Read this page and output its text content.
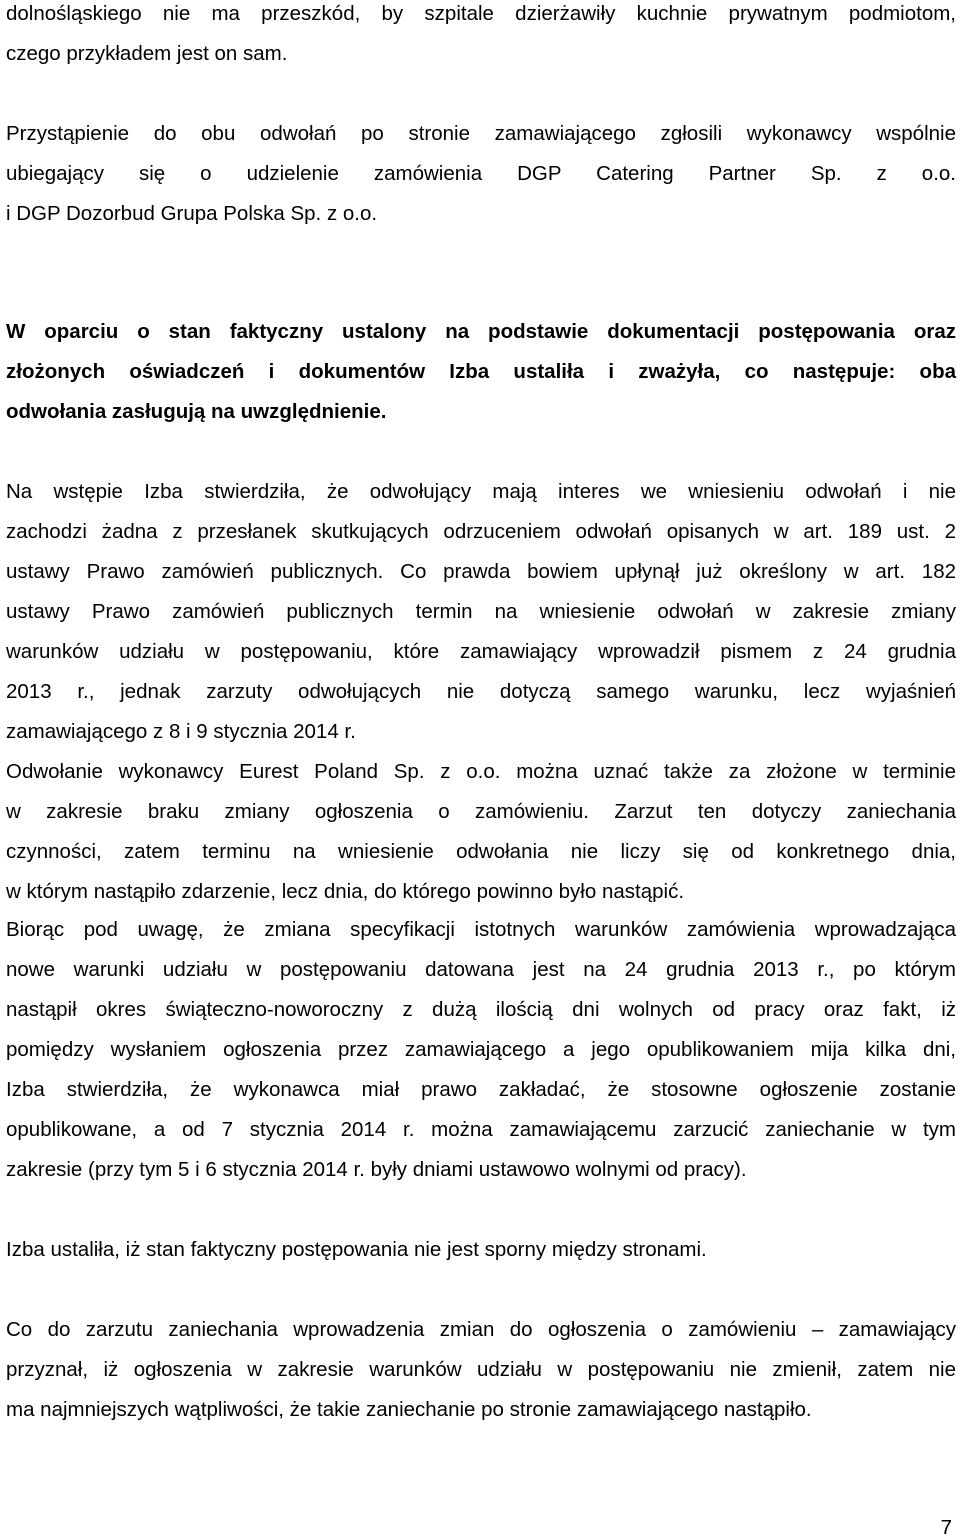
dolnośląskiego nie ma przeszkód, by szpitale dzierżawiły kuchnie prywatnym podmiotom,
czego przykładem jest on sam.
Przystąpienie do obu odwołań po stronie zamawiającego zgłosili wykonawcy wspólnie
ubiegający się o udzielenie zamówienia DGP Catering Partner Sp. z o.o.
i DGP Dozorbud Grupa Polska Sp. z o.o.
W oparciu o stan faktyczny ustalony na podstawie dokumentacji postępowania oraz
złożonych oświadczeń i dokumentów Izba ustaliła i zważyła, co następuje: oba
odwołania zasługują na uwzględnienie.
Na wstępie Izba stwierdziła, że odwołujący mają interes we wniesieniu odwołań i nie
zachodzi żadna z przesłanek skutkujących odrzuceniem odwołań opisanych w art. 189 ust. 2
ustawy Prawo zamówień publicznych. Co prawda bowiem upłynął już określony w art. 182
ustawy Prawo zamówień publicznych termin na wniesienie odwołań w zakresie zmiany
warunków udziału w postępowaniu, które zamawiający wprowadził pismem z 24 grudnia
2013 r., jednak zarzuty odwołujących nie dotyczą samego warunku, lecz wyjaśnień
zamawiającego z 8 i 9 stycznia 2014 r.
Odwołanie wykonawcy Eurest Poland Sp. z o.o. można uznać także za złożone w terminie
w zakresie braku zmiany ogłoszenia o zamówieniu. Zarzut ten dotyczy zaniechania
czynności, zatem terminu na wniesienie odwołania nie liczy się od konkretnego dnia,
w którym nastąpiło zdarzenie, lecz dnia, do którego powinno było nastąpić.
Biorąc pod uwagę, że zmiana specyfikacji istotnych warunków zamówienia wprowadzająca
nowe warunki udziału w postępowaniu datowana jest na 24 grudnia 2013 r., po którym
nastąpił okres świąteczno-noworoczny z dużą ilością dni wolnych od pracy oraz fakt, iż
pomiędzy wysłaniem ogłoszenia przez zamawiającego a jego opublikowaniem mija kilka dni,
Izba stwierdziła, że wykonawca miał prawo zakładać, że stosowne ogłoszenie zostanie
opublikowane, a od 7 stycznia 2014 r. można zamawiającemu zarzucić zaniechanie w tym
zakresie (przy tym 5 i 6 stycznia 2014 r. były dniami ustawowo wolnymi od pracy).
Izba ustaliła, iż stan faktyczny postępowania nie jest sporny między stronami.
Co do zarzutu zaniechania wprowadzenia zmian do ogłoszenia o zamówieniu – zamawiający
przyznał, iż ogłoszenia w zakresie warunków udziału w postępowaniu nie zmienił, zatem nie
ma najmniejszych wątpliwości, że takie zaniechanie po stronie zamawiającego nastąpiło.
7
